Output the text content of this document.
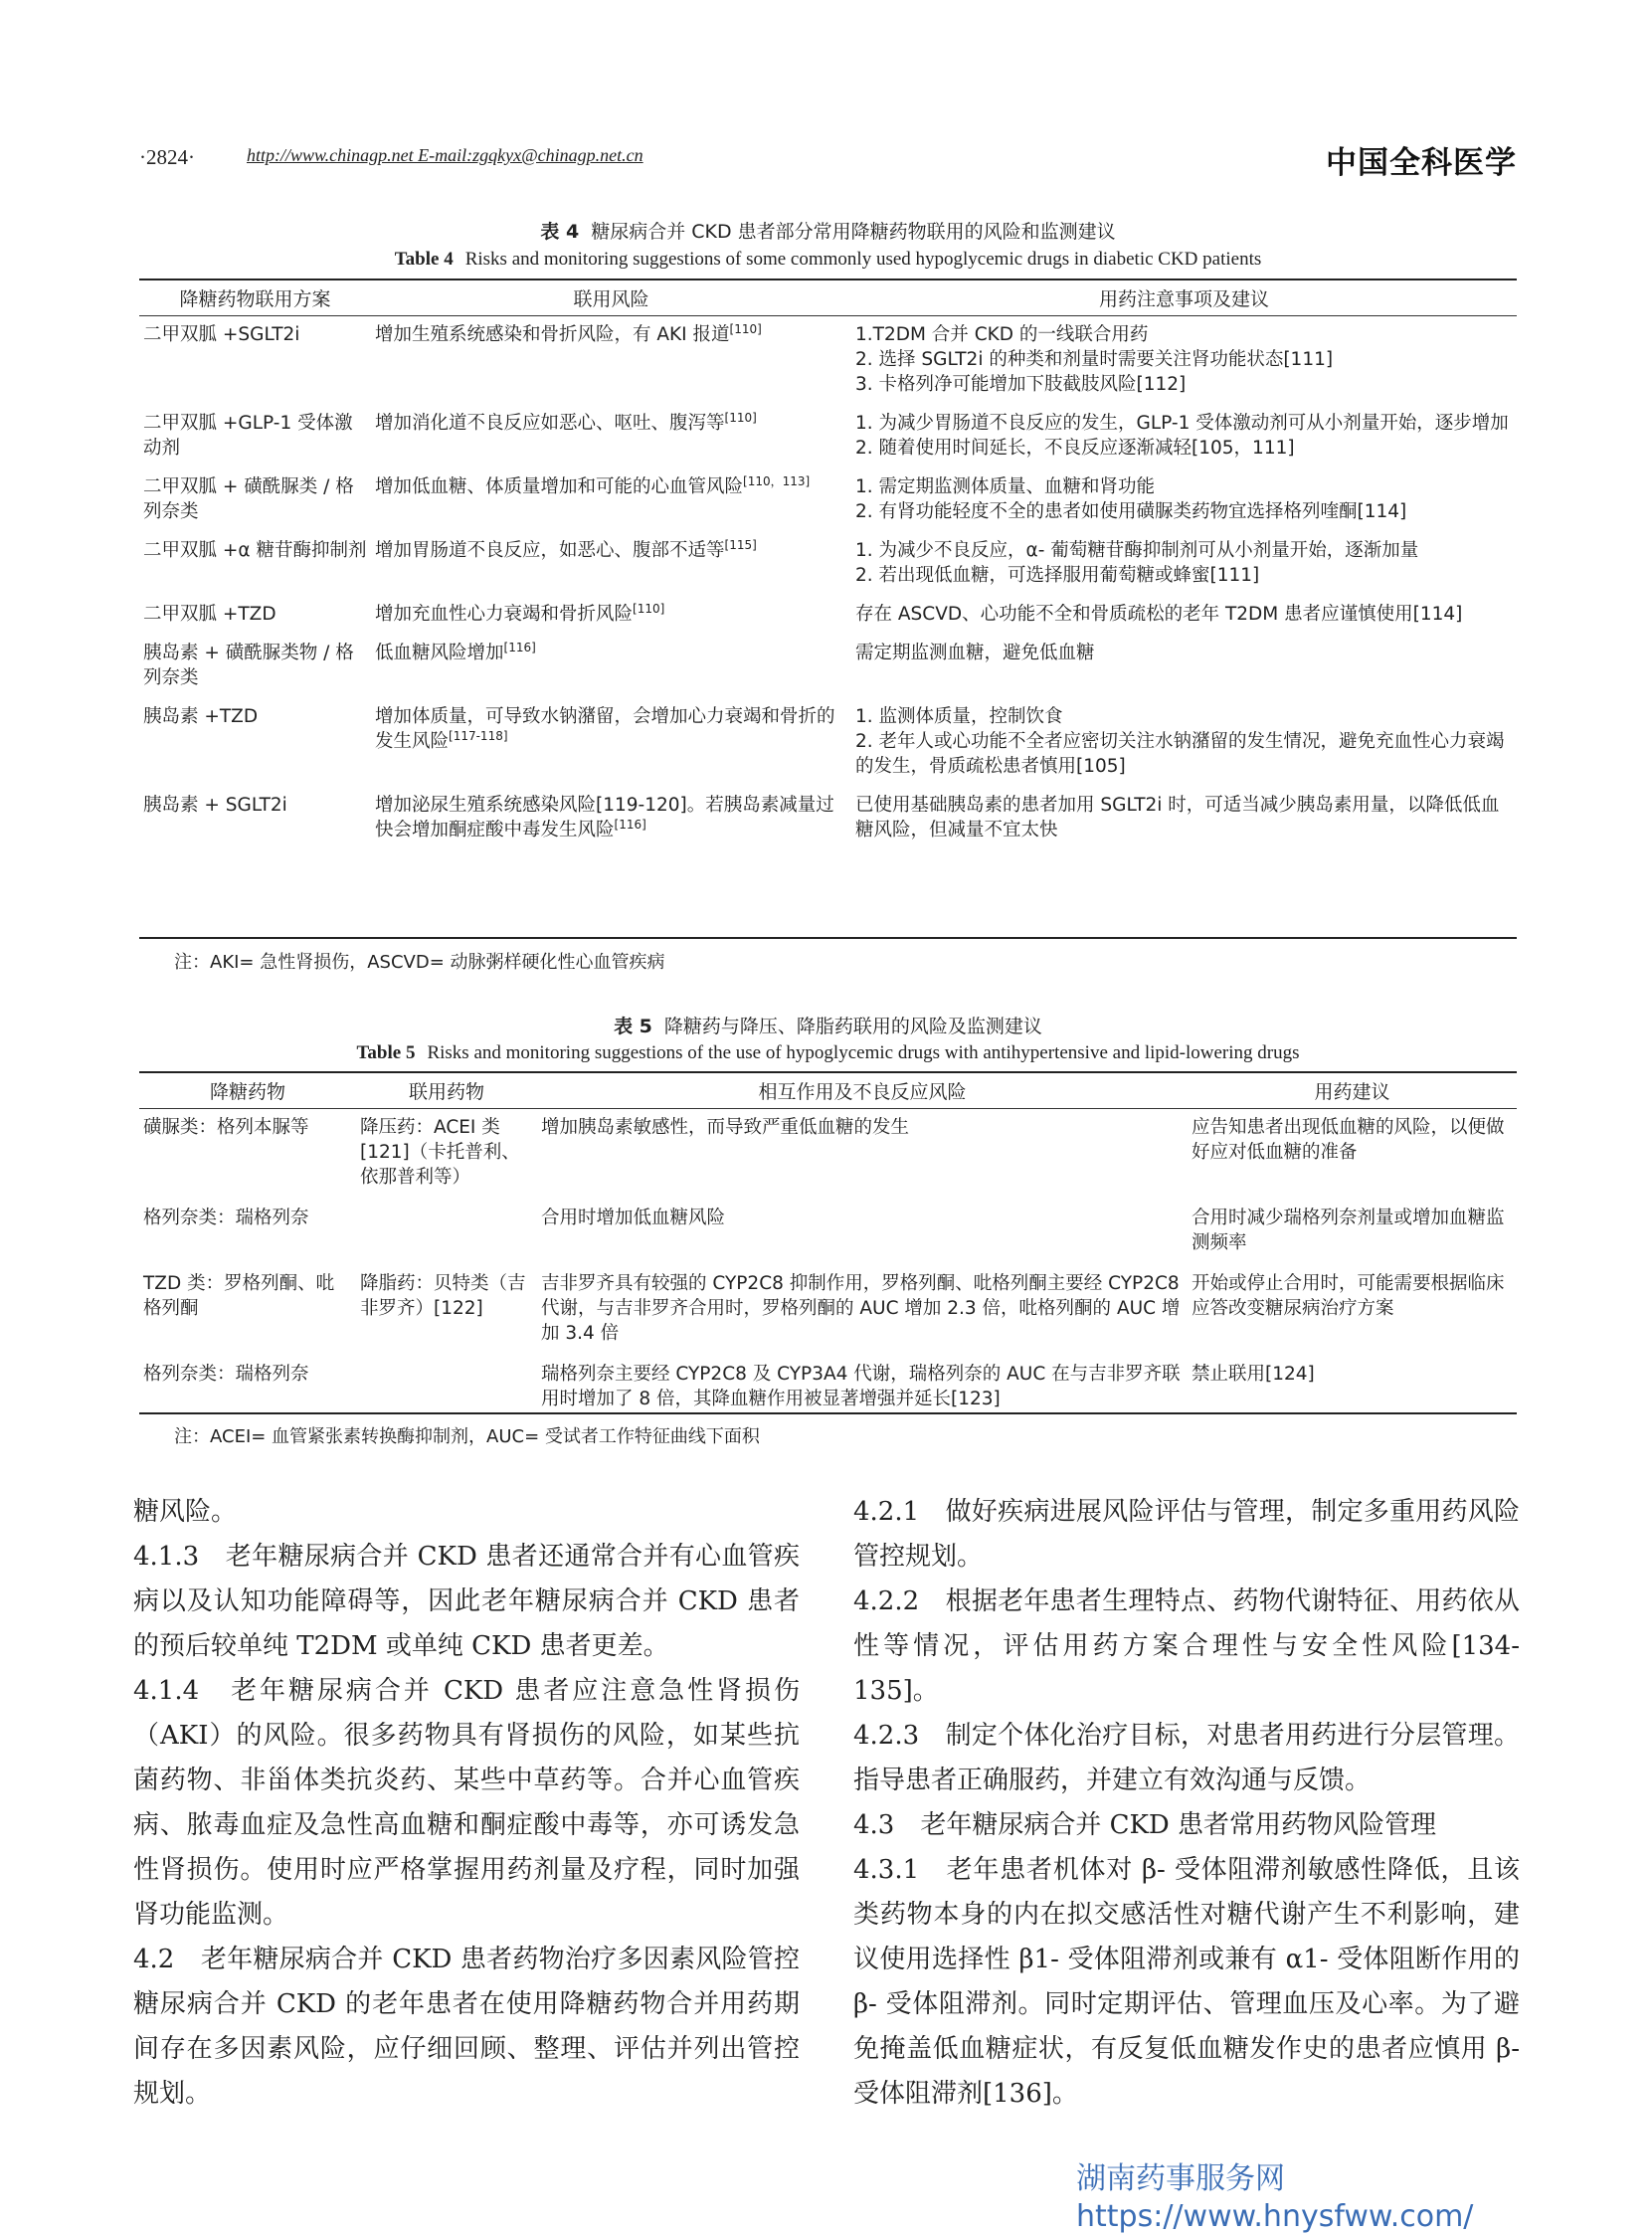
·2824·	http://www.chinagp.net E-mail:zgqkyx@chinagp.net.cn	中国全科医学
表 4 糖尿病合并 CKD 患者部分常用降糖药物联用的风险和监测建议
Table 4 Risks and monitoring suggestions of some commonly used hypoglycemic drugs in diabetic CKD patients
降糖药物联用方案	联用风险	用药注意事项及建议
二甲双胍 +SGLT2i	增加生殖系统感染和骨折风险，有 AKI 报道[110]	1.T2DM 合并 CKD 的一线联合用药
2. 选择 SGLT2i 的种类和剂量时需要关注肾功能状态[111]
3. 卡格列净可能增加下肢截肢风险[112]
二甲双胍 +GLP-1 受体激动剂	增加消化道不良反应如恶心、呕吐、腹泻等[110]	1. 为减少胃肠道不良反应的发生，GLP-1 受体激动剂可从小剂量开始，逐步增加
2. 随着使用时间延长，不良反应逐渐减轻[105，111]
二甲双胍 + 磺酰脲类 / 格列奈类	增加低血糖、体质量增加和可能的心血管风险[110，113]	1. 需定期监测体质量、血糖和肾功能
2. 有肾功能轻度不全的患者如使用磺脲类药物宜选择格列喹酮[114]
二甲双胍 +α 糖苷酶抑制剂	增加胃肠道不良反应，如恶心、腹部不适等[115]	1. 为减少不良反应，α- 葡萄糖苷酶抑制剂可从小剂量开始，逐渐加量
2. 若出现低血糖，可选择服用葡萄糖或蜂蜜[111]
二甲双胍 +TZD	增加充血性心力衰竭和骨折风险[110]	存在 ASCVD、心功能不全和骨质疏松的老年 T2DM 患者应谨慎使用[114]
胰岛素 + 磺酰脲类物 / 格列奈类	低血糖风险增加[116]	需定期监测血糖，避免低血糖
胰岛素 +TZD	增加体质量，可导致水钠潴留，会增加心力衰竭和骨折的发生风险[117-118]	1. 监测体质量，控制饮食
2. 老年人或心功能不全者应密切关注水钠潴留的发生情况，避免充血性心力衰竭的发生，骨质疏松患者慎用[105]
胰岛素 + SGLT2i	增加泌尿生殖系统感染风险[119-120]。若胰岛素减量过快会增加酮症酸中毒发生风险[116]	已使用基础胰岛素的患者加用 SGLT2i 时，可适当减少胰岛素用量，以降低低血糖风险，但减量不宜太快
注：AKI= 急性肾损伤，ASCVD= 动脉粥样硬化性心血管疾病
表 5 降糖药与降压、降脂药联用的风险及监测建议
Table 5 Risks and monitoring suggestions of the use of hypoglycemic drugs with antihypertensive and lipid-lowering drugs
降糖药物	联用药物	相互作用及不良反应风险	用药建议
磺脲类：格列本脲等	降压药：ACEI 类[121]（卡托普利、依那普利等）	增加胰岛素敏感性，而导致严重低血糖的发生	应告知患者出现低血糖的风险，以便做好应对低血糖的准备
格列奈类：瑞格列奈		合用时增加低血糖风险	合用时减少瑞格列奈剂量或增加血糖监测频率
TZD 类：罗格列酮、吡格列酮	降脂药：贝特类（吉非罗齐）[122]	吉非罗齐具有较强的 CYP2C8 抑制作用，罗格列酮、吡格列酮主要经 CYP2C8 代谢，与吉非罗齐合用时，罗格列酮的 AUC 增加 2.3 倍，吡格列酮的 AUC 增加 3.4 倍	开始或停止合用时，可能需要根据临床应答改变糖尿病治疗方案
格列奈类：瑞格列奈		瑞格列奈主要经 CYP2C8 及 CYP3A4 代谢，瑞格列奈的 AUC 在与吉非罗齐联用时增加了 8 倍，其降血糖作用被显著增强并延长[123]	禁止联用[124]
注：ACEI= 血管紧张素转换酶抑制剂，AUC= 受试者工作特征曲线下面积

糖风险。

4.1.3　老年糖尿病合并 CKD 患者还通常合并有心血管疾病以及认知功能障碍等，因此老年糖尿病合并 CKD 患者的预后较单纯 T2DM 或单纯 CKD 患者更差。

4.1.4　老年糖尿病合并 CKD 患者应注意急性肾损伤（AKI）的风险。很多药物具有肾损伤的风险，如某些抗菌药物、非甾体类抗炎药、某些中草药等。合并心血管疾病、脓毒血症及急性高血糖和酮症酸中毒等，亦可诱发急性肾损伤。使用时应严格掌握用药剂量及疗程，同时加强肾功能监测。

4.2　老年糖尿病合并 CKD 患者药物治疗多因素风险管控　糖尿病合并 CKD 的老年患者在使用降糖药物合并用药期间存在多因素风险，应仔细回顾、整理、评估并列出管控规划。

4.2.1　做好疾病进展风险评估与管理，制定多重用药风险管控规划。

4.2.2　根据老年患者生理特点、药物代谢特征、用药依从性等情况，评估用药方案合理性与安全性风险[134-135]。

4.2.3　制定个体化治疗目标，对患者用药进行分层管理。指导患者正确服药，并建立有效沟通与反馈。

4.3　老年糖尿病合并 CKD 患者常用药物风险管理

4.3.1　老年患者机体对 β- 受体阻滞剂敏感性降低，且该类药物本身的内在拟交感活性对糖代谢产生不利影响，建议使用选择性 β1- 受体阻滞剂或兼有 α1- 受体阻断作用的 β- 受体阻滞剂。同时定期评估、管理血压及心率。为了避免掩盖低血糖症状，有反复低血糖发作史的患者应慎用 β- 受体阻滞剂[136]。

湖南药事服务网
https://www.hnysfww.com/
